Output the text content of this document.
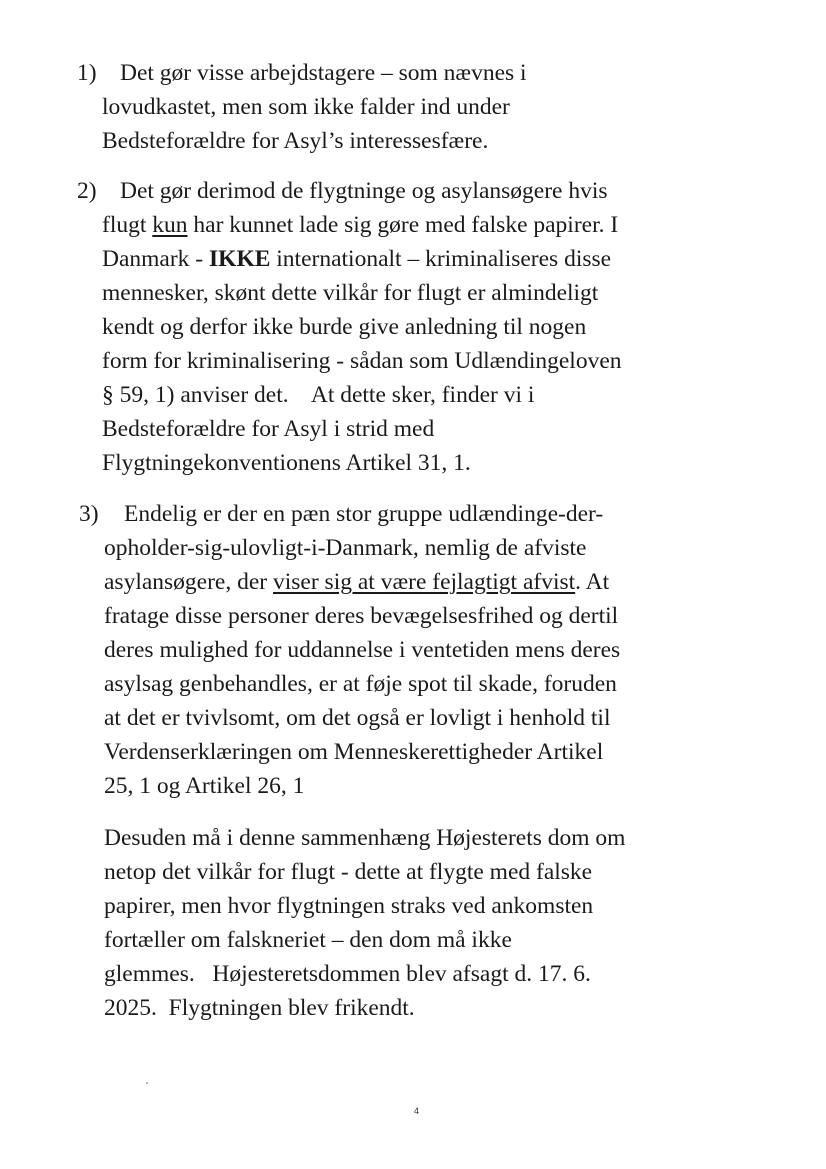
1) Det gør visse arbejdstagere – som nævnes i
lovudkastet, men som ikke falder ind under
Bedsteforældre for Asyl’s interessesfære.
2) Det gør derimod de flygtninge og asylansøgere hvis
flugt kun har kunnet lade sig gøre med falske papirer. I
Danmark - IKKE internationalt – kriminaliseres disse
mennesker, skønt dette vilkår for flugt er almindeligt
kendt og derfor ikke burde give anledning til nogen
form for kriminalisering - sådan som Udlændingeloven
§ 59, 1) anviser det.    At dette sker, finder vi i
Bedsteforældre for Asyl i strid med
Flygtningekonventionens Artikel 31, 1.
3) Endelig er der en pæn stor gruppe udlændinge-der-
opholder-sig-ulovligt-i-Danmark, nemlig de afviste
asylansøgere, der viser sig at være fejlagtigt afvist. At
fratage disse personer deres bevægelsesfrihed og dertil
deres mulighed for uddannelse i ventetiden mens deres
asylsag genbehandles, er at føje spot til skade, foruden
at det er tvivlsomt, om det også er lovligt i henhold til
Verdenserklæringen om Menneskerettigheder Artikel
25, 1 og Artikel 26, 1
Desuden må i denne sammenhæng Højesterets dom om
netop det vilkår for flugt - dette at flygte med falske
papirer, men hvor flygtningen straks ved ankomsten
fortæller om falskneriet – den dom må ikke
glemmes.   Højesteretsdommen blev afsagt d. 17. 6.
2025.  Flygtningen blev frikendt.
4
